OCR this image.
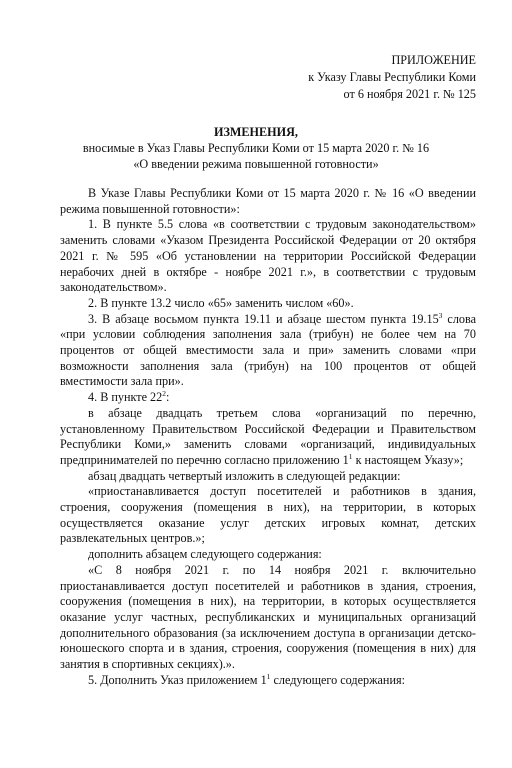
ПРИЛОЖЕНИЕ
к Указу Главы Республики Коми
от 6 ноября 2021 г. № 125
ИЗМЕНЕНИЯ,
вносимые в Указ Главы Республики Коми от 15 марта 2020 г. № 16
«О введении режима повышенной готовности»

В Указе Главы Республики Коми от 15 марта 2020 г. № 16 «О введении режима повышенной готовности»:

1. В пункте 5.5 слова «в соответствии с трудовым законодательством» заменить словами «Указом Президента Российской Федерации от 20 октября 2021 г. № 595 «Об установлении на территории Российской Федерации нерабочих дней в октябре - ноябре 2021 г.», в соответствии с трудовым законодательством».

2. В пункте 13.2 число «65» заменить числом «60».

3. В абзаце восьмом пункта 19.11 и абзаце шестом пункта 19.15$^3$ слова «при условии соблюдения заполнения зала (трибун) не более чем на 70 процентов от общей вместимости зала и при» заменить словами «при возможности заполнения зала (трибун) на 100 процентов от общей вместимости зала при».

4. В пункте $22^2$:

в абзаце двадцать третьем слова «организаций по перечню, установленному Правительством Российской Федерации и Правительством Республики Коми,» заменить словами «организаций, индивидуальных предпринимателей по перечню согласно приложению $1^1$ к настоящем Указу»;

абзац двадцать четвертый изложить в следующей редакции:

«приостанавливается доступ посетителей и работников в здания, строения, сооружения (помещения в них), на территории, в которых осуществляется оказание услуг детских игровых комнат, детских развлекательных центров.»;

дополнить абзацем следующего содержания:

«С 8 ноября 2021 г. по 14 ноября 2021 г. включительно приостанавливается доступ посетителей и работников в здания, строения, сооружения (помещения в них), на территории, в которых осуществляется оказание услуг частных, республиканских и муниципальных организаций дополнительного образования (за исключением доступа в организации детско-юношеского спорта и в здания, строения, сооружения (помещения в них) для занятия в спортивных секциях).».

5. Дополнить Указ приложением $1^1$ следующего содержания:
